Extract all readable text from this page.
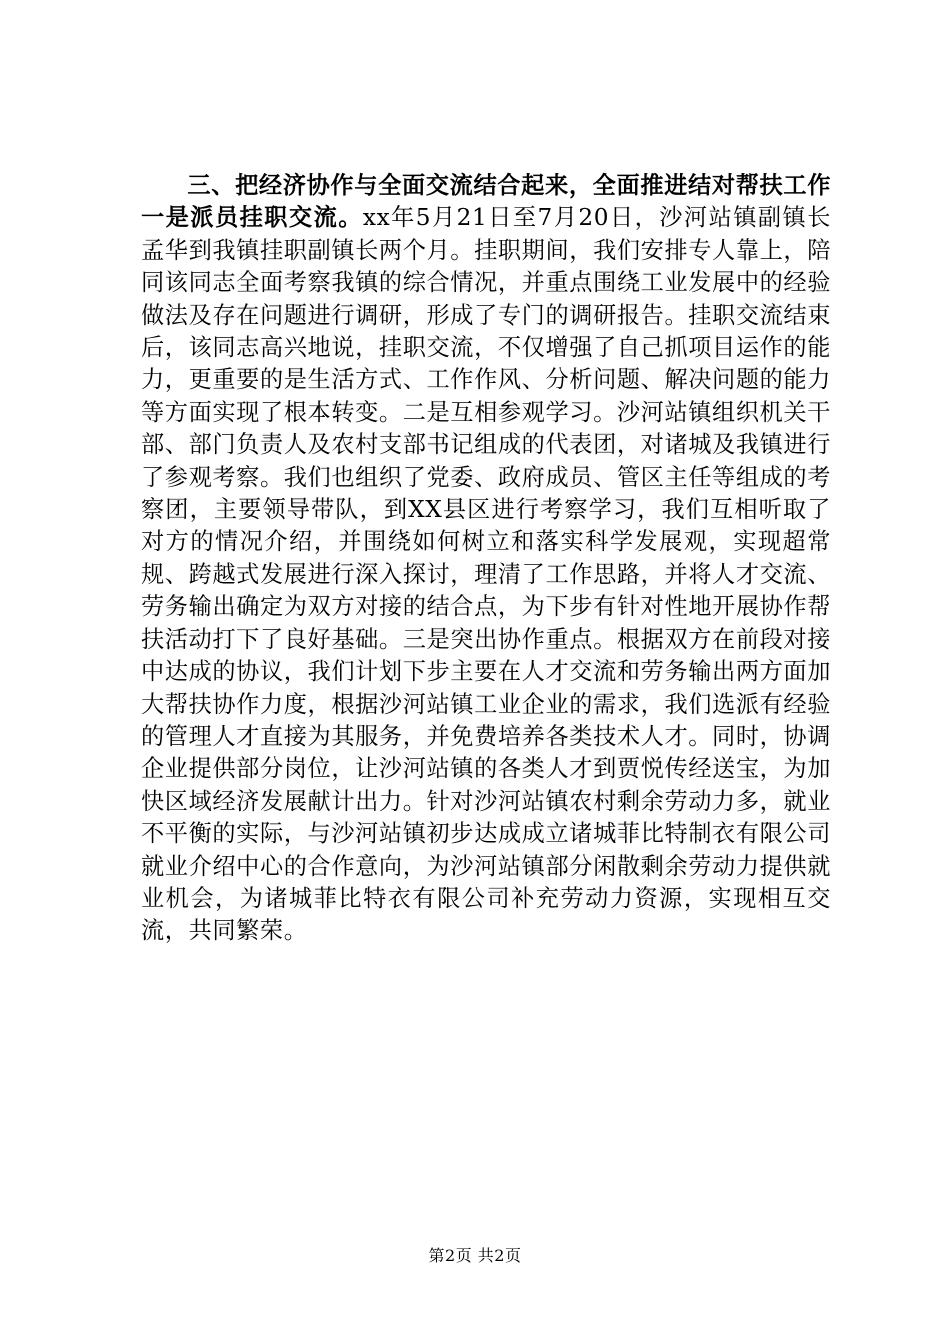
三、把经济协作与全面交流结合起来，全面推进结对帮扶工作一是派员挂职交流。xx年5月21日至7月20日，沙河站镇副镇长孟华到我镇挂职副镇长两个月。挂职期间，我们安排专人靠上，陪同该同志全面考察我镇的综合情况，并重点围绕工业发展中的经验做法及存在问题进行调研，形成了专门的调研报告。挂职交流结束后，该同志高兴地说，挂职交流，不仅增强了自己抓项目运作的能力，更重要的是生活方式、工作作风、分析问题、解决问题的能力等方面实现了根本转变。二是互相参观学习。沙河站镇组织机关干部、部门负责人及农村支部书记组成的代表团，对诸城及我镇进行了参观考察。我们也组织了党委、政府成员、管区主任等组成的考察团，主要领导带队，到XX县区进行考察学习，我们互相听取了对方的情况介绍，并围绕如何树立和落实科学发展观，实现超常规、跨越式发展进行深入探讨，理清了工作思路，并将人才交流、劳务输出确定为双方对接的结合点，为下步有针对性地开展协作帮扶活动打下了良好基础。三是突出协作重点。根据双方在前段对接中达成的协议，我们计划下步主要在人才交流和劳务输出两方面加大帮扶协作力度，根据沙河站镇工业企业的需求，我们选派有经验的管理人才直接为其服务，并免费培养各类技术人才。同时，协调企业提供部分岗位，让沙河站镇的各类人才到贾悦传经送宝，为加快区域经济发展献计出力。针对沙河站镇农村剩余劳动力多，就业不平衡的实际，与沙河站镇初步达成成立诸城菲比特制衣有限公司就业介绍中心的合作意向，为沙河站镇部分闲散剩余劳动力提供就业机会，为诸城菲比特衣有限公司补充劳动力资源，实现相互交流，共同繁荣。

第2页 共2页
